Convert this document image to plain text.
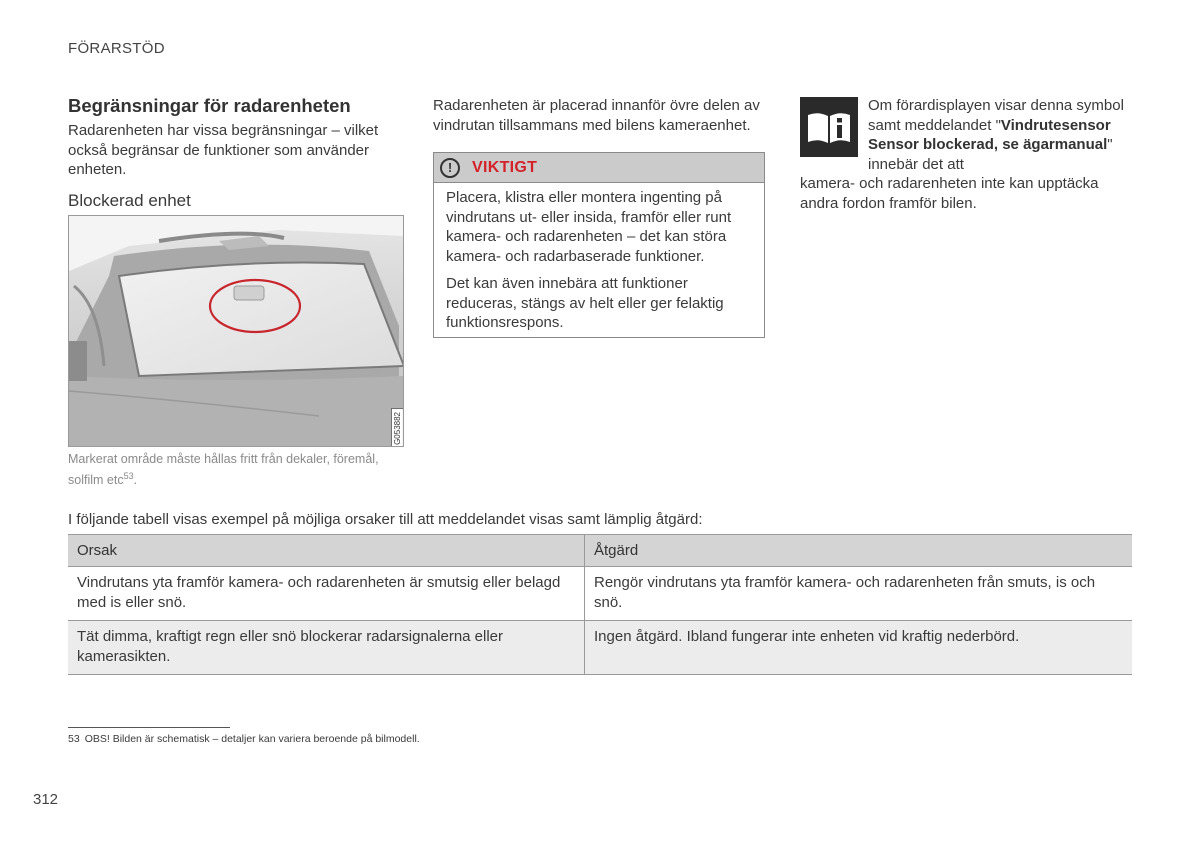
FÖRARSTÖD
Begränsningar för radarenheten
Radarenheten har vissa begränsningar – vilket också begränsar de funktioner som använder enheten.
Blockerad enhet
G053882
Markerat område måste hållas fritt från dekaler, föremål, solfilm etc$^{53}$.
Radarenheten är placerad innanför övre delen av vindrutan tillsammans med bilens kameraenhet.
!	VIKTIGT

Placera, klistra eller montera ingenting på vindrutans ut- eller insida, framför eller runt kamera- och radarenheten – det kan störa kamera- och radarbaserade funktioner.

Det kan även innebära att funktioner reduceras, stängs av helt eller ger felaktig funktionsrespons.

Om förardisplayen visar denna symbol samt meddelandet "Vindrutesensor Sensor blockerad, se ägarmanual" innebär det att
kamera- och radarenheten inte kan upptäcka andra fordon framför bilen.
I följande tabell visas exempel på möjliga orsaker till att meddelandet visas samt lämplig åtgärd:
Orsak	Åtgärd
Vindrutans yta framför kamera- och radarenheten är smutsig eller belagd med is eller snö.	Rengör vindrutans yta framför kamera- och radarenheten från smuts, is och snö.
Tät dimma, kraftigt regn eller snö blockerar radarsignalerna eller kamerasikten.	Ingen åtgärd. Ibland fungerar inte enheten vid kraftig nederbörd.
53 OBS! Bilden är schematisk – detaljer kan variera beroende på bilmodell.
312
